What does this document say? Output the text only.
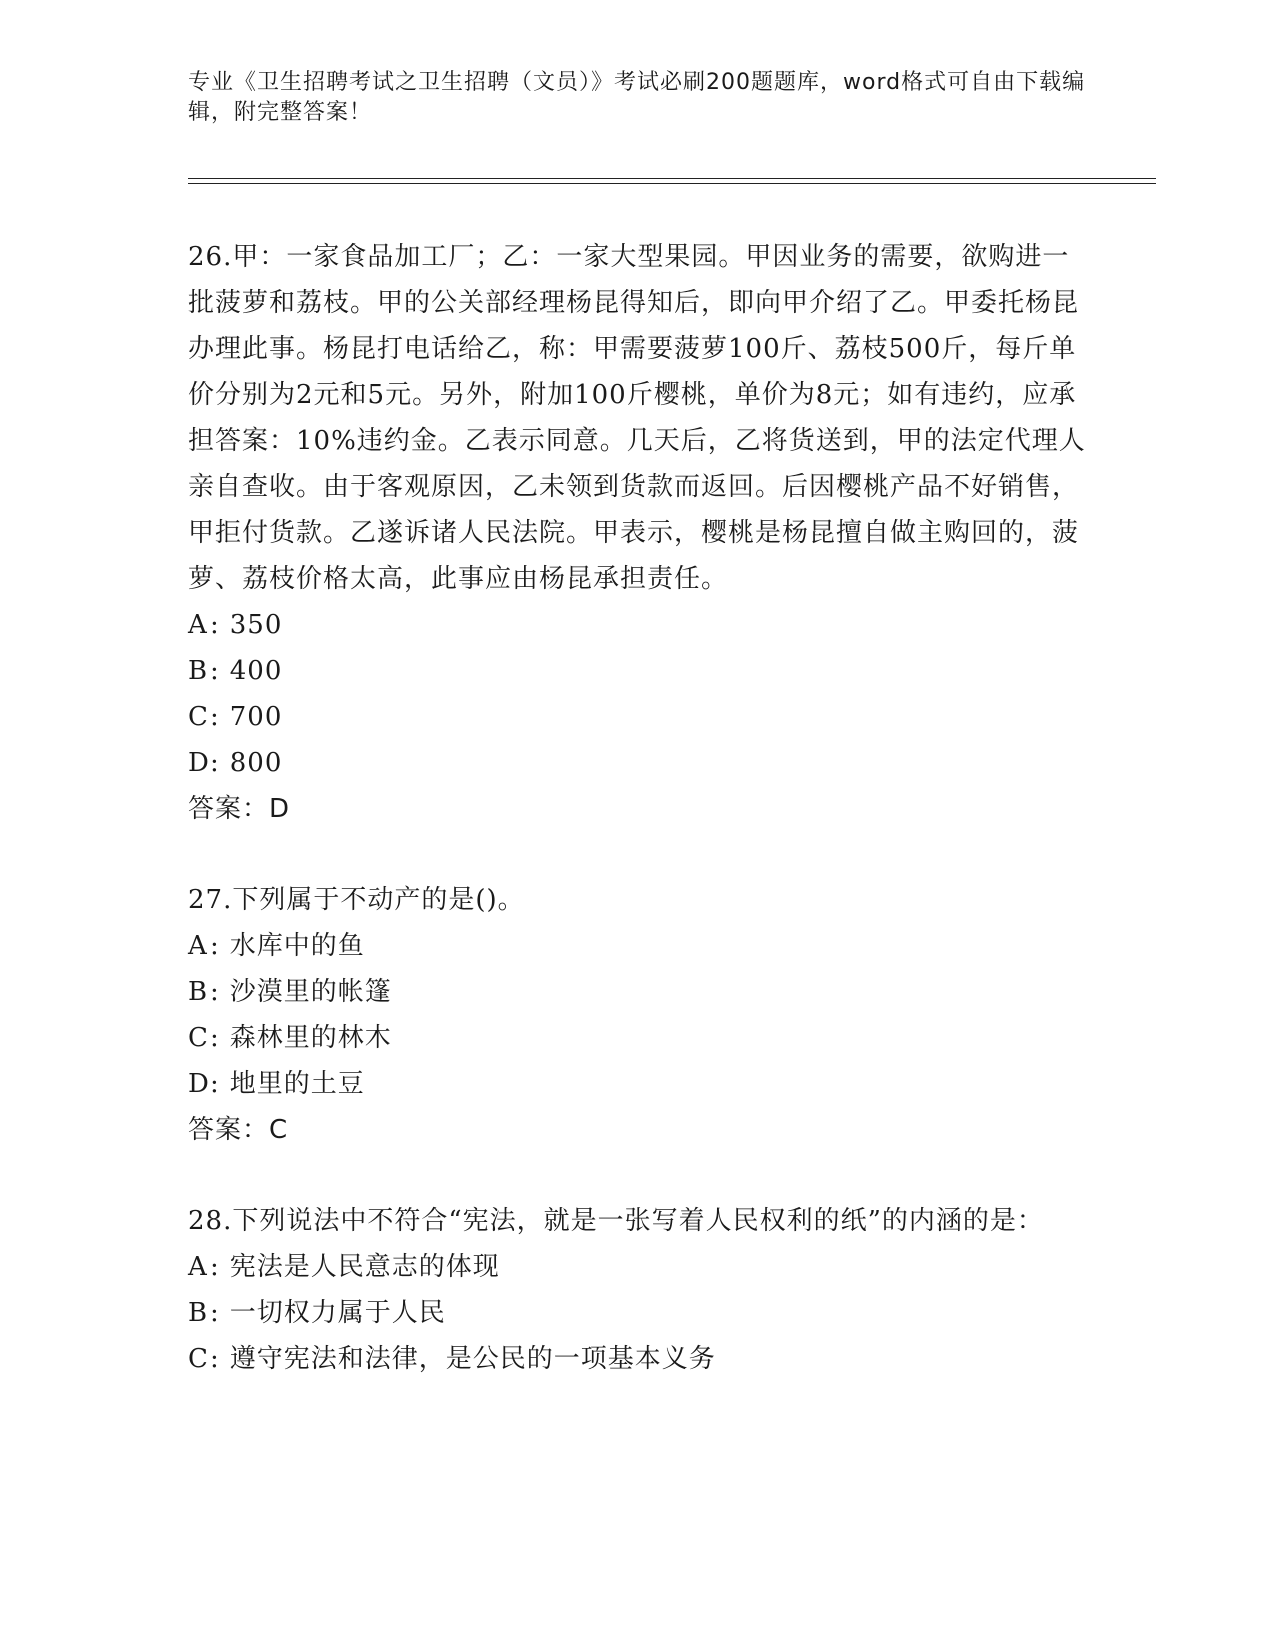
专业《卫生招聘考试之卫生招聘（文员）》考试必刷200题题库，word格式可自由下载编辑，附完整答案！
26.甲：一家食品加工厂；乙：一家大型果园。甲因业务的需要，欲购进一批菠萝和荔枝。甲的公关部经理杨昆得知后，即向甲介绍了乙。甲委托杨昆办理此事。杨昆打电话给乙，称：甲需要菠萝100斤、荔枝500斤，每斤单价分别为2元和5元。另外，附加100斤樱桃，单价为8元；如有违约，应承担答案：10%违约金。乙表示同意。几天后，乙将货送到，甲的法定代理人亲自查收。由于客观原因，乙未领到货款而返回。后因樱桃产品不好销售，甲拒付货款。乙遂诉诸人民法院。甲表示，樱桃是杨昆擅自做主购回的，菠萝、荔枝价格太高，此事应由杨昆承担责任。
A: 350
B: 400
C: 700
D: 800
答案：D
27.下列属于不动产的是()。
A: 水库中的鱼
B: 沙漠里的帐篷
C: 森林里的林木
D: 地里的土豆
答案：C
28.下列说法中不符合“宪法，就是一张写着人民权利的纸”的内涵的是：
A: 宪法是人民意志的体现
B: 一切权力属于人民
C: 遵守宪法和法律，是公民的一项基本义务
